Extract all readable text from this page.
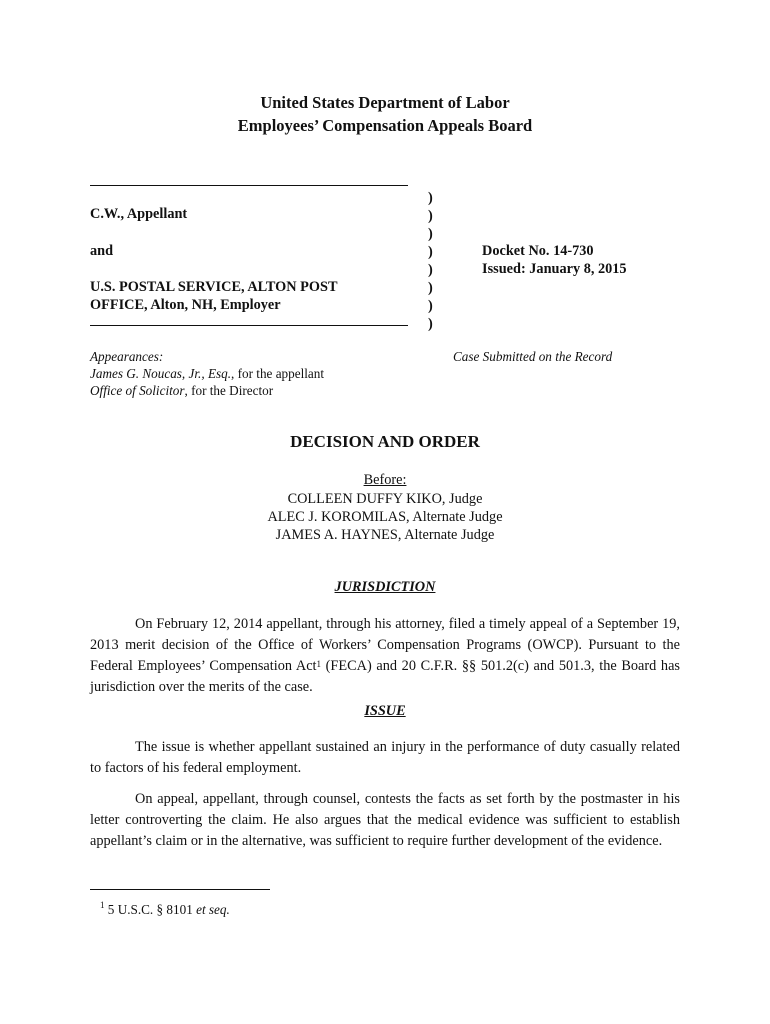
United States Department of Labor
Employees’ Compensation Appeals Board
C.W., Appellant
and
U.S. POSTAL SERVICE, ALTON POST
OFFICE, Alton, NH, Employer
)
)
)
)
)
)
)
)
Docket No. 14-730
Issued: January 8, 2015
Appearances:
James G. Noucas, Jr., Esq., for the appellant
Office of Solicitor, for the Director
Case Submitted on the Record
DECISION AND ORDER
Before:
COLLEEN DUFFY KIKO, Judge
ALEC J. KOROMILAS, Alternate Judge
JAMES A. HAYNES, Alternate Judge
JURISDICTION
On February 12, 2014 appellant, through his attorney, filed a timely appeal of a September 19, 2013 merit decision of the Office of Workers’ Compensation Programs (OWCP). Pursuant to the Federal Employees’ Compensation Act$^1$ (FECA) and 20 C.F.R. §§ 501.2(c) and 501.3, the Board has jurisdiction over the merits of the case.
ISSUE
The issue is whether appellant sustained an injury in the performance of duty casually related to factors of his federal employment.
On appeal, appellant, through counsel, contests the facts as set forth by the postmaster in his letter controverting the claim. He also argues that the medical evidence was sufficient to establish appellant’s claim or in the alternative, was sufficient to require further development of the evidence.
$^1$ 5 U.S.C. § 8101 et seq.
